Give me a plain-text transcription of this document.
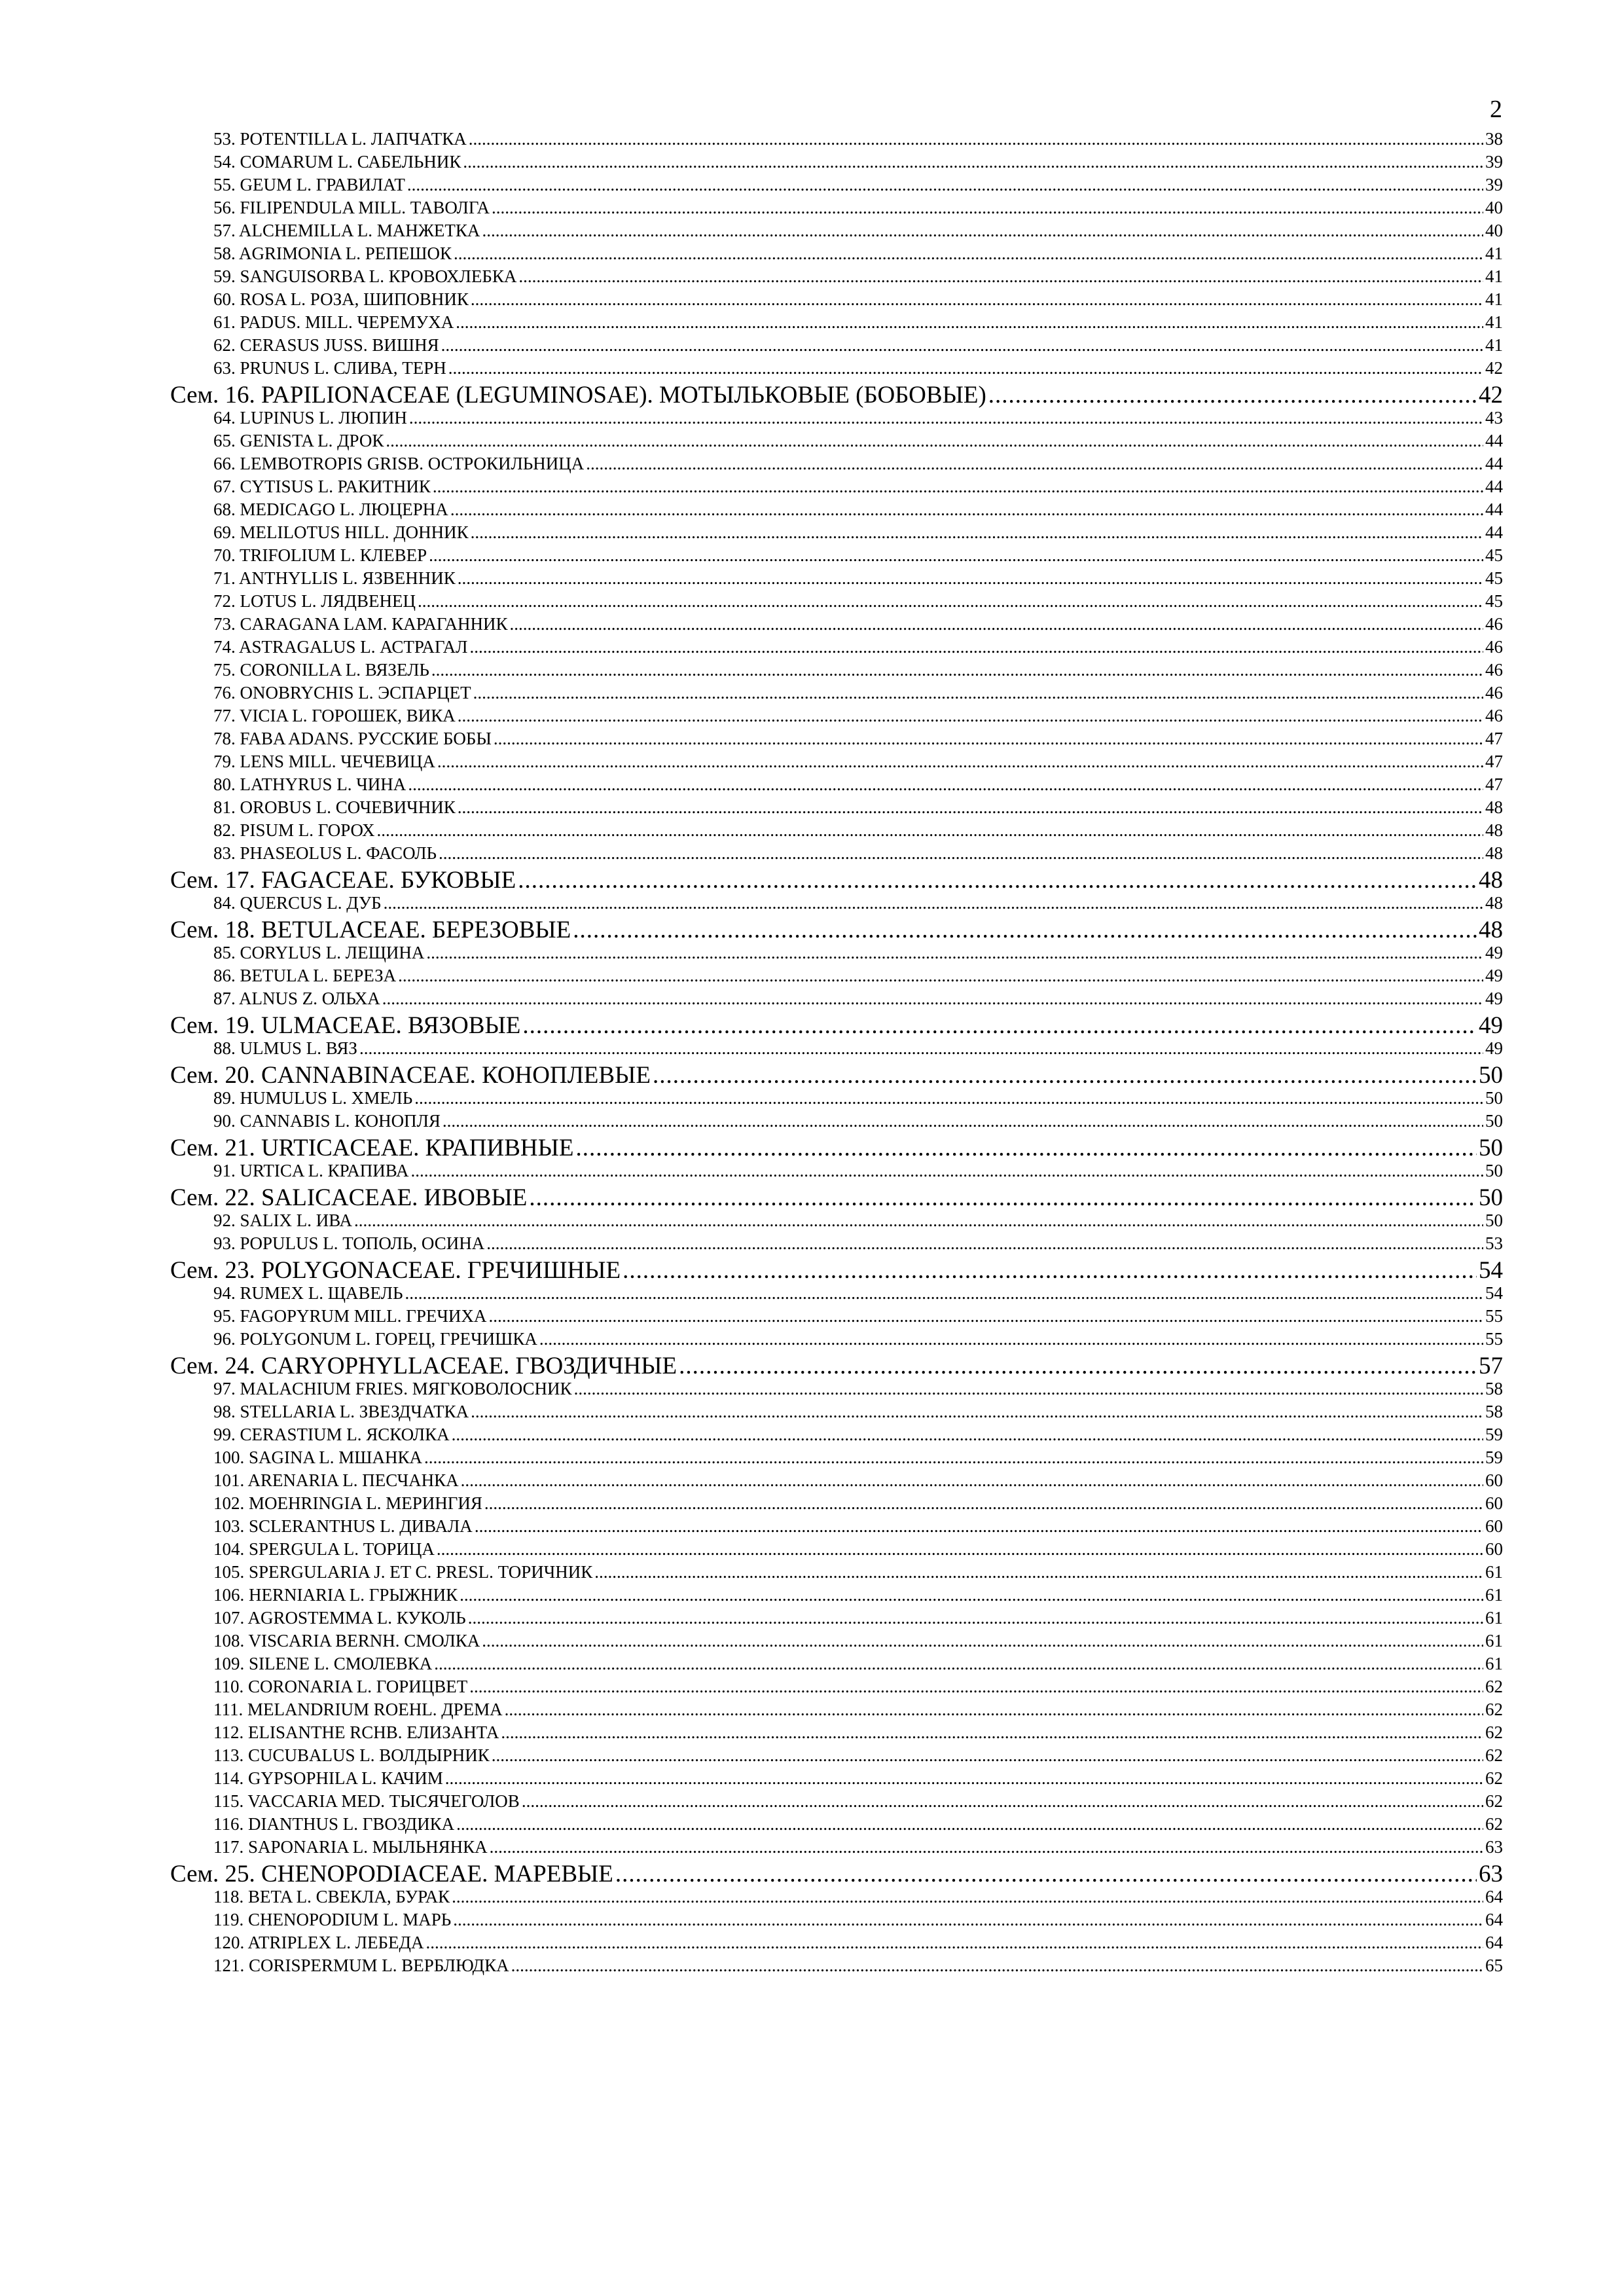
2
53. POTENTILLA L. ЛАПЧАТКА .....	38
54. COMARUM L. САБЕЛЬНИК .....	39
55. GEUM L. ГРАВИЛАТ .....	39
56. FILIPENDULA MILL. ТАВОЛГА .....	40
57. ALCHEMILLA L. МАНЖЕТКА .....	40
58. AGRIMONIA L. РЕПЕШОК .....	41
59. SANGUISORBA L. КРОВОХЛЕБКА .....	41
60. ROSA L. РОЗА, ШИПОВНИК .....	41
61. PADUS. MILL. ЧЕРЕМУХА .....	41
62. CERASUS JUSS. ВИШНЯ .....	41
63. PRUNUS L. СЛИВА, ТЕРН .....	42
Сем. 16. PAPILIONACEAE (LEGUMINOSAE). МОТЫЛЬКОВЫЕ (БОБОВЫЕ) .....	42
64. LUPINUS L. ЛЮПИН .....	43
65. GENISTA L. ДРОК .....	44
66. LEMBOTROPIS GRISB. ОСТРОКИЛЬНИЦА .....	44
67. CYTISUS L. РАКИТНИК .....	44
68. MEDICAGO L. ЛЮЦЕРНА .....	44
69. MELILOTUS HILL. ДОННИК .....	44
70. TRIFOLIUM L. КЛЕВЕР .....	45
71. ANTHYLLIS L. ЯЗВЕННИК .....	45
72. LOTUS L. ЛЯДВЕНЕЦ .....	45
73. CARAGANA LAM. КАРАГАННИК .....	46
74. ASTRAGALUS L. АСТРАГАЛ .....	46
75. CORONILLA L. ВЯЗЕЛЬ .....	46
76. ONOBRYCHIS L. ЭСПАРЦЕТ .....	46
77. VICIA L. ГОРОШЕК, ВИКА .....	46
78. FABA ADANS. РУССКИЕ БОБЫ .....	47
79. LENS MILL. ЧЕЧЕВИЦА .....	47
80. LATHYRUS L. ЧИНА .....	47
81. OROBUS L. СОЧЕВИЧНИК .....	48
82. PISUM L. ГОРОХ .....	48
83. PHASEOLUS L. ФАСОЛЬ .....	48
Сем. 17. FAGACEAE. БУКОВЫЕ .....	48
84. QUERCUS L. ДУБ .....	48
Сем. 18. BETULACEAE. БЕРЕЗОВЫЕ .....	48
85. CORYLUS L. ЛЕЩИНА .....	49
86. BETULA L. БЕРЕЗА .....	49
87. ALNUS Z. ОЛЬХА .....	49
Сем. 19. ULMACEAE. ВЯЗОВЫЕ .....	49
88. ULMUS L. ВЯЗ .....	49
Сем. 20. CANNABINACEAE. КОНОПЛЕВЫЕ .....	50
89. HUMULUS L. ХМЕЛЬ .....	50
90. CANNABIS L. КОНОПЛЯ .....	50
Сем. 21. URTICACEAE. КРАПИВНЫЕ .....	50
91. URTICA L. КРАПИВА .....	50
Сем. 22. SALICACEAE. ИВОВЫЕ .....	50
92. SALIX L. ИВА .....	50
93. POPULUS L. ТОПОЛЬ, ОСИНА .....	53
Сем. 23. POLYGONACEAE. ГРЕЧИШНЫЕ .....	54
94. RUMEX L. ЩАВЕЛЬ .....	54
95. FAGOPYRUM MILL. ГРЕЧИХА .....	55
96. POLYGONUM L. ГОРЕЦ, ГРЕЧИШКА .....	55
Сем. 24. CARYOPHYLLACEAE. ГВОЗДИЧНЫЕ .....	57
97. MALACHIUM FRIES. МЯГКОВОЛОСНИК .....	58
98. STELLARIA L. ЗВЕЗДЧАТКА .....	58
99. CERASTIUM L. ЯСКОЛКА .....	59
100. SAGINA L. МШАНКА .....	59
101. ARENARIA L. ПЕСЧАНКА .....	60
102. MOEHRINGIA L. МЕРИНГИЯ .....	60
103. SCLERANTHUS L. ДИВАЛА .....	60
104. SPERGULA L. ТОРИЦА .....	60
105. SPERGULARIA J. ET C. PRESL. ТОРИЧНИК .....	61
106. HERNIARIA L. ГРЫЖНИК .....	61
107. AGROSTEMMA L. КУКОЛЬ .....	61
108. VISCARIA BERNH. СМОЛКА .....	61
109. SILENE L. СМОЛЕВКА .....	61
110. CORONARIA L. ГОРИЦВЕТ .....	62
111. MELANDRIUM ROEHL. ДРЕМА .....	62
112. ELISANTHE RCHB. ЕЛИЗАНТА .....	62
113. CUCUBALUS L. ВОЛДЫРНИК .....	62
114. GYPSOPHILA L. КАЧИМ .....	62
115. VACCARIA MED. ТЫСЯЧЕГОЛОВ .....	62
116. DIANTHUS L. ГВОЗДИКА .....	62
117. SAPONARIA L. МЫЛЬНЯНКА .....	63
Сем. 25. CHENOPODIACEAE. МАРЕВЫЕ .....	63
118. BETA L. СВЕКЛА, БУРАК .....	64
119. CHENOPODIUM L. МАРЬ .....	64
120. ATRIPLEX L. ЛЕБЕДА .....	64
121. CORISPERMUM L. ВЕРБЛЮДКА .....	65
